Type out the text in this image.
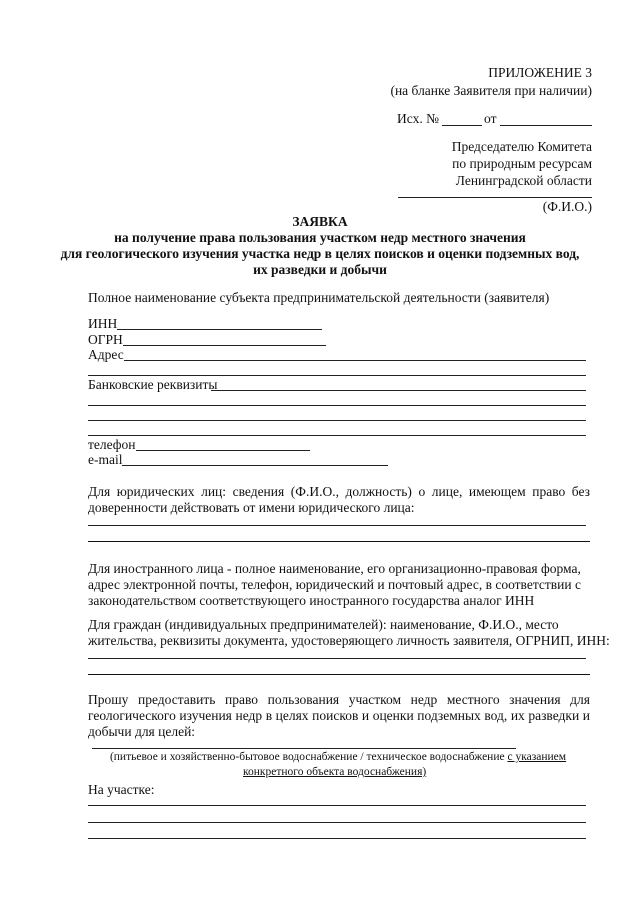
ПРИЛОЖЕНИЕ 3
(на бланке Заявителя при наличии)
Исх. №	от
Председателю Комитета
по природным ресурсам
Ленинградской области
(Ф.И.О.)
ЗАЯВКА
на получение права пользования участком недр местного значения
для геологического изучения участка недр в целях поисков и оценки подземных вод,
их разведки и добычи
Полное наименование субъекта предпринимательской деятельности (заявителя)
ИНН
ОГРН
Адрес
Банковские реквизиты
телефон
e-mail
Для юридических лиц: сведения (Ф.И.О., должность) о лице, имеющем право без
доверенности действовать от имени юридического лица:
Для иностранного лица - полное наименование, его организационно-правовая форма,
адрес электронной почты, телефон, юридический и почтовый адрес, в соответствии с
законодательством соответствующего иностранного государства аналог ИНН
Для граждан (индивидуальных предпринимателей): наименование, Ф.И.О., место
жительства, реквизиты документа, удостоверяющего личность заявителя, ОГРНИП, ИНН:
Прошу предоставить право пользования участком недр местного значения для
геологического изучения недр в целях поисков и оценки подземных вод, их разведки и
добычи для целей:
(питьевое и хозяйственно-бытовое водоснабжение / техническое водоснабжение с указанием
конкретного объекта водоснабжения)
На участке:
